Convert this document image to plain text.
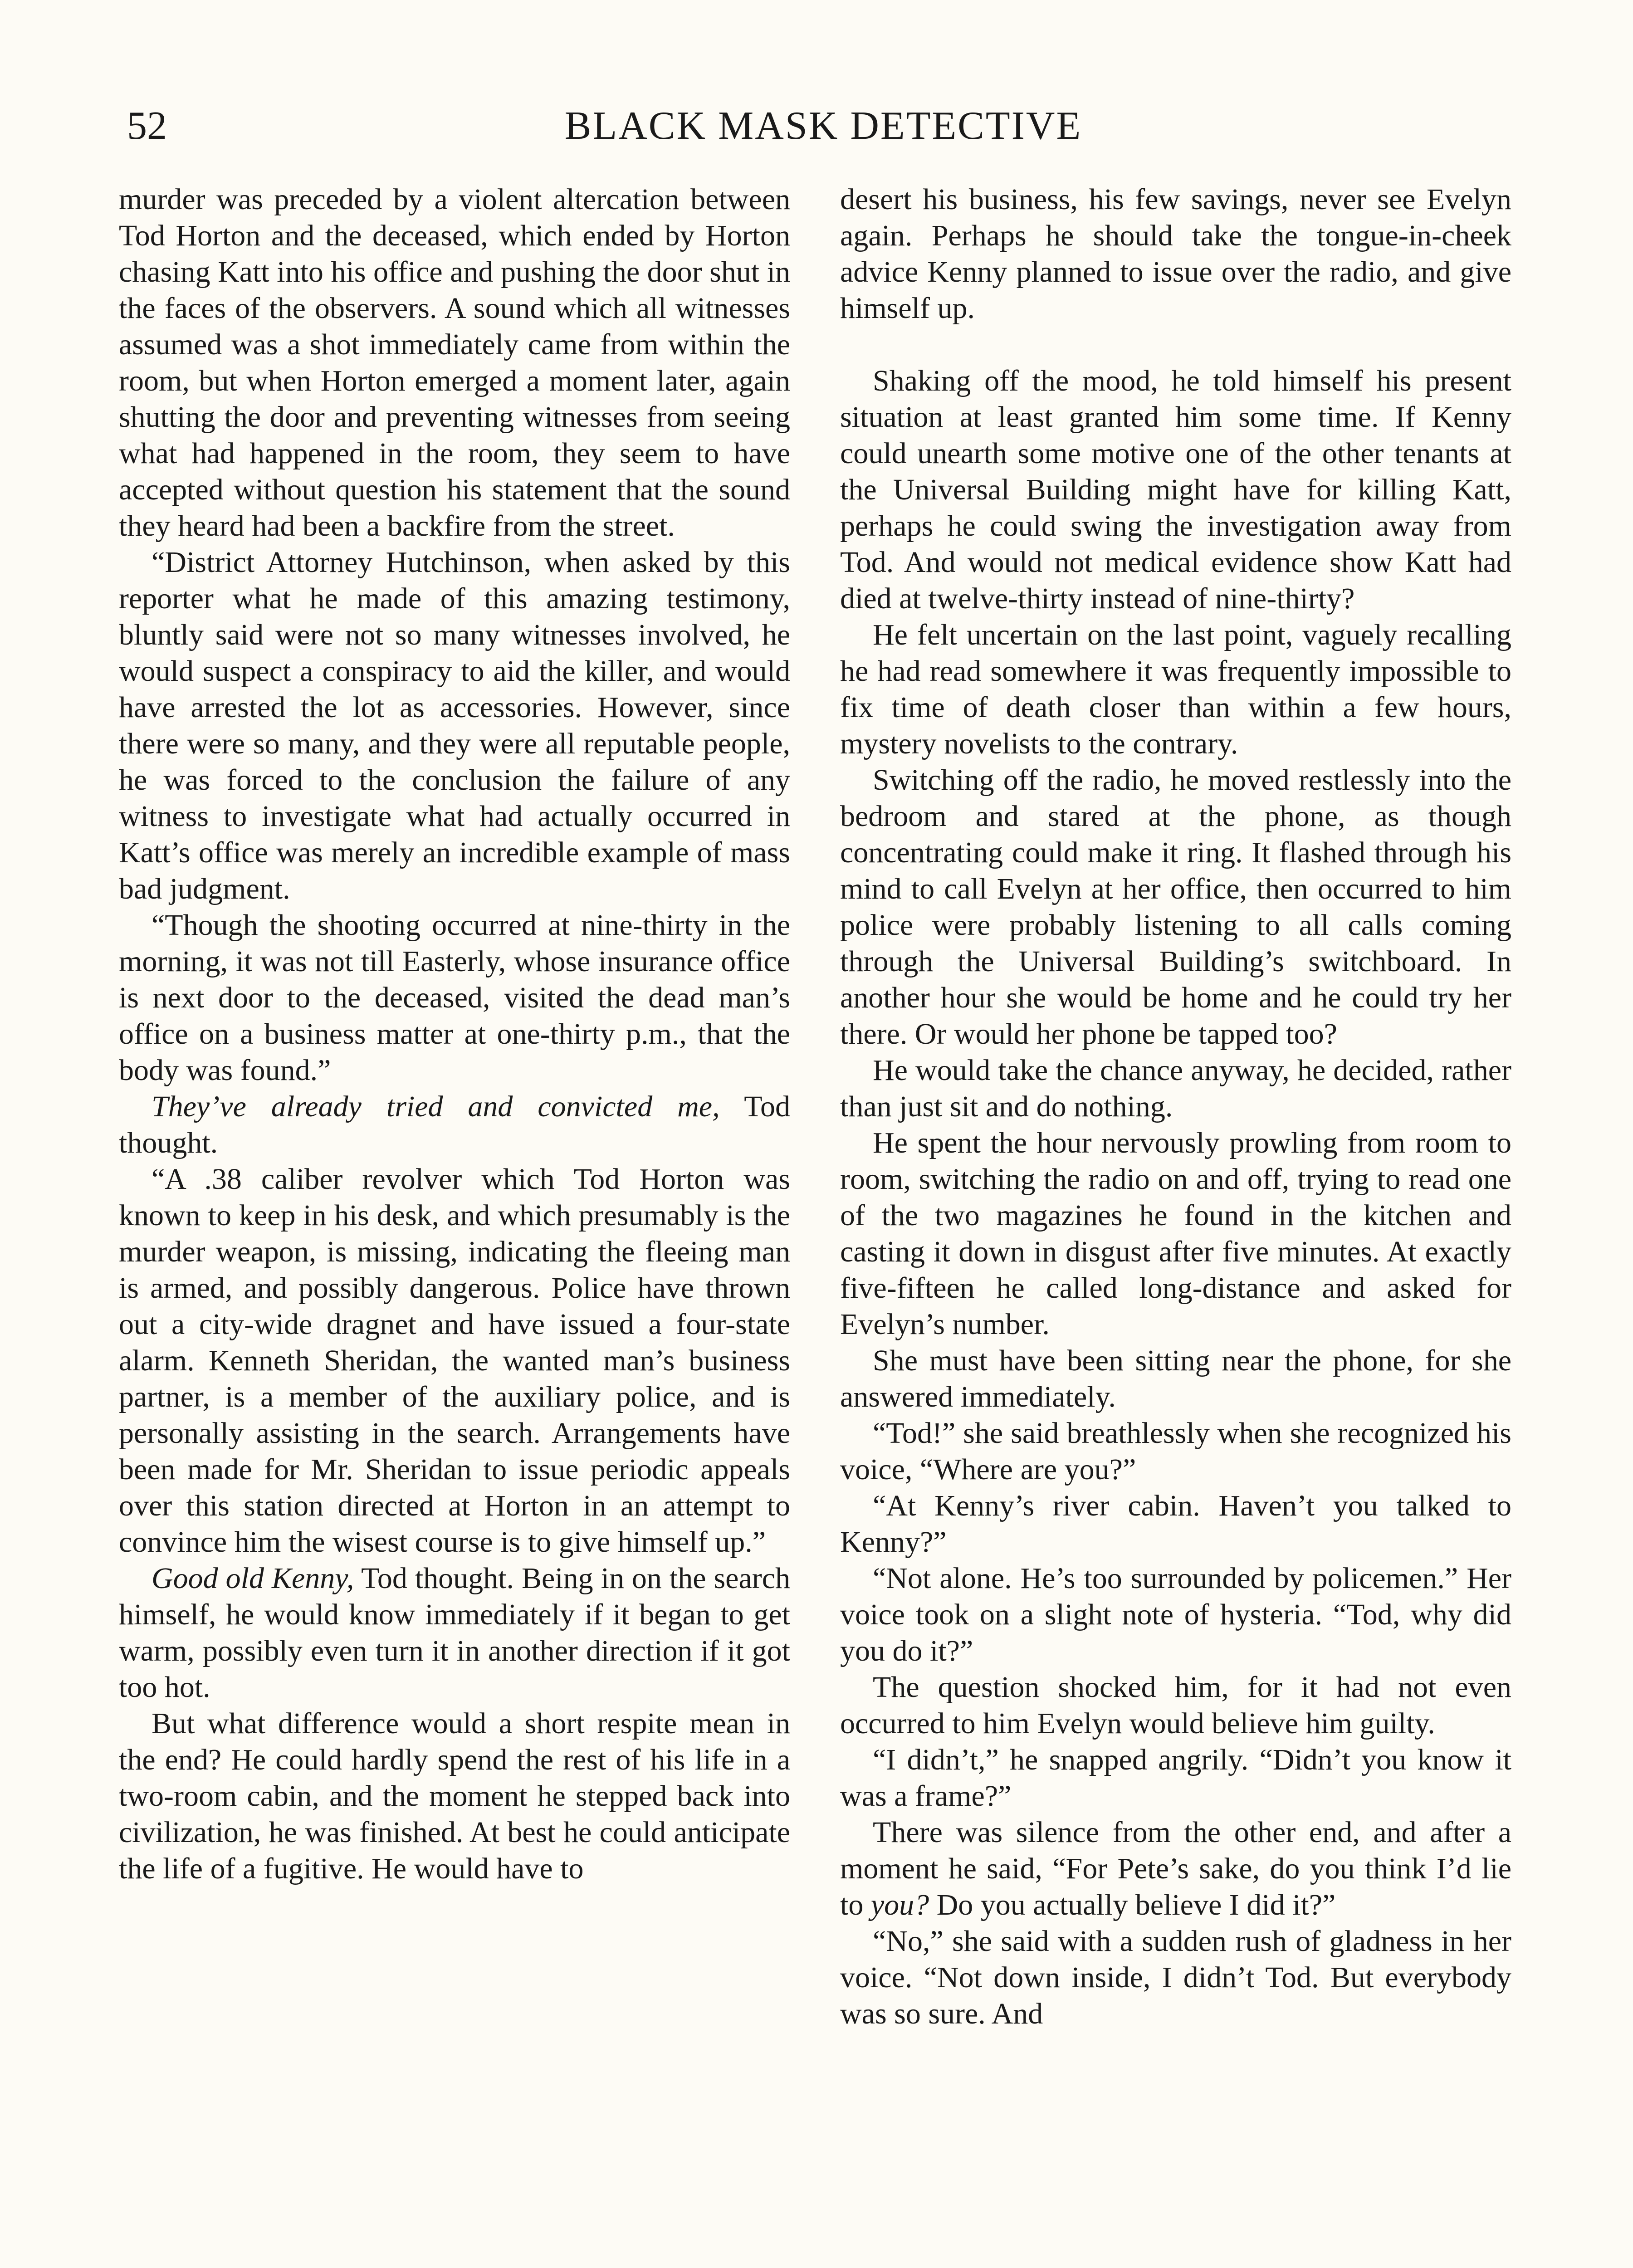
52	BLACK MASK DETECTIVE

murder was preceded by a violent altercation between Tod Horton and the deceased, which ended by Horton chasing Katt into his office and pushing the door shut in the faces of the observers. A sound which all witnesses assumed was a shot immediately came from within the room, but when Horton emerged a moment later, again shutting the door and preventing witnesses from seeing what had happened in the room, they seem to have accepted without question his statement that the sound they heard had been a backfire from the street.

“District Attorney Hutchinson, when asked by this reporter what he made of this amazing testimony, bluntly said were not so many witnesses involved, he would suspect a conspiracy to aid the killer, and would have arrested the lot as accessories. However, since there were so many, and they were all reputable people, he was forced to the conclusion the failure of any witness to investigate what had actually occurred in Katt’s office was merely an incredible example of mass bad judgment.

“Though the shooting occurred at nine-thirty in the morning, it was not till Easterly, whose insurance office is next door to the deceased, visited the dead man’s office on a business matter at one-thirty p.m., that the body was found.”

They’ve already tried and convicted me, Tod thought.

“A .38 caliber revolver which Tod Horton was known to keep in his desk, and which presumably is the murder weapon, is missing, indicating the fleeing man is armed, and possibly dangerous. Police have thrown out a city-wide dragnet and have issued a four-state alarm. Kenneth Sheridan, the wanted man’s business partner, is a member of the auxiliary police, and is personally assisting in the search. Arrangements have been made for Mr. Sheridan to issue periodic appeals over this station directed at Horton in an attempt to convince him the wisest course is to give himself up.”

Good old Kenny, Tod thought. Being in on the search himself, he would know immediately if it began to get warm, possibly even turn it in another direction if it got too hot.

But what difference would a short respite mean in the end? He could hardly spend the rest of his life in a two-room cabin, and the moment he stepped back into civilization, he was finished. At best he could anticipate the life of a fugitive. He would have to

desert his business, his few savings, never see Evelyn again. Perhaps he should take the tongue-in-cheek advice Kenny planned to issue over the radio, and give himself up.

Shaking off the mood, he told himself his present situation at least granted him some time. If Kenny could unearth some motive one of the other tenants at the Universal Building might have for killing Katt, perhaps he could swing the investigation away from Tod. And would not medical evidence show Katt had died at twelve-thirty instead of nine-thirty?

He felt uncertain on the last point, vaguely recalling he had read somewhere it was frequently impossible to fix time of death closer than within a few hours, mystery novelists to the contrary.

Switching off the radio, he moved restlessly into the bedroom and stared at the phone, as though concentrating could make it ring. It flashed through his mind to call Evelyn at her office, then occurred to him police were probably listening to all calls coming through the Universal Building’s switchboard. In another hour she would be home and he could try her there. Or would her phone be tapped too?

He would take the chance anyway, he decided, rather than just sit and do nothing.

He spent the hour nervously prowling from room to room, switching the radio on and off, trying to read one of the two magazines he found in the kitchen and casting it down in disgust after five minutes. At exactly five-fifteen he called long-distance and asked for Evelyn’s number.

She must have been sitting near the phone, for she answered immediately.

“Tod!” she said breathlessly when she recognized his voice, “Where are you?”

“At Kenny’s river cabin. Haven’t you talked to Kenny?”

“Not alone. He’s too surrounded by policemen.” Her voice took on a slight note of hysteria. “Tod, why did you do it?”

The question shocked him, for it had not even occurred to him Evelyn would believe him guilty.

“I didn’t,” he snapped angrily. “Didn’t you know it was a frame?”

There was silence from the other end, and after a moment he said, “For Pete’s sake, do you think I’d lie to you? Do you actually believe I did it?”

“No,” she said with a sudden rush of gladness in her voice. “Not down inside, I didn’t Tod. But everybody was so sure. And
